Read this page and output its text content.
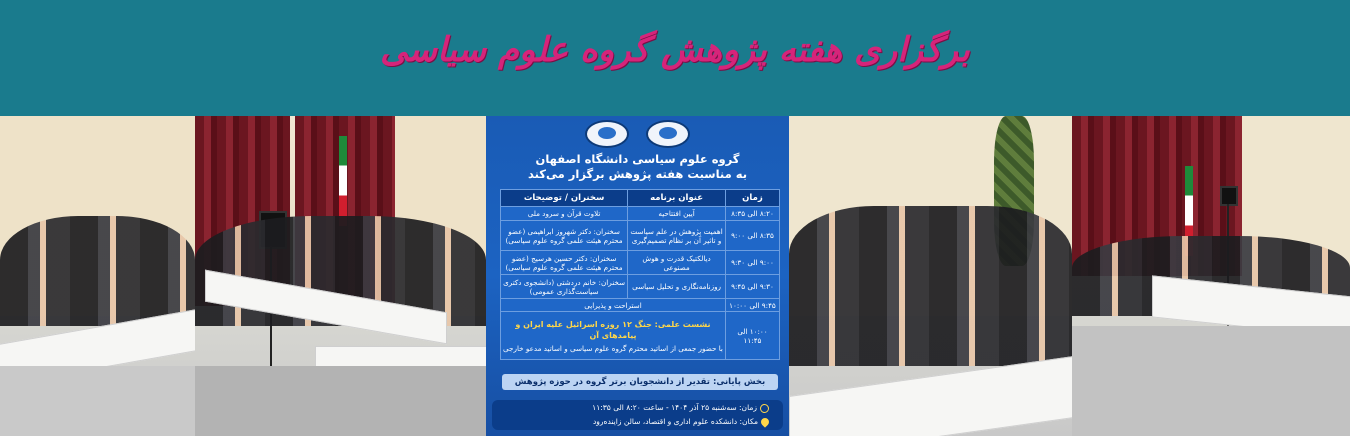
برگزاری هفته پژوهش گروه علوم سیاسی

گروه علوم سیاسی دانشگاه اصفهان
به مناسبت هفته پژوهش برگزار می‌کند
زمان	عنوان برنامه	سخنران / توضیحات
۸:۲۰ الی ۸:۳۵	آیین افتتاحیه	تلاوت قرآن و سرود ملی
۸:۳۵ الی ۹:۰۰	اهمیت پژوهش در علم سیاست و تاثیر آن بر نظام تصمیم‌گیری	سخنران: دکتر شهروز ابراهیمی (عضو محترم هیئت علمی گروه علوم سیاسی)
۹:۰۰ الی ۹:۳۰	دیالکتیک قدرت و هوش مصنوعی	سخنران: دکتر حسین هرسیج (عضو محترم هیئت علمی گروه علوم سیاسی)
۹:۳۰ الی ۹:۴۵	روزنامه‌نگاری و تحلیل سیاسی	سخنران: خانم دردشتی (دانشجوی دکتری سیاست‌گذاری عمومی)
۹:۴۵ الی ۱۰:۰۰	استراحت و پذیرایی	
۱۰:۰۰ الی ۱۱:۴۵	نشست علمی: جنگ ۱۲ روزه اسرائیل علیه ایران و پیامدهای آن
با حضور جمعی از اساتید محترم گروه علوم سیاسی و اساتید مدعو خارجی	
بخش پایانی: تقدیر از دانشجویان برتر گروه در حوزه پژوهش
زمان: سه‌شنبه ۲۵ آذر ۱۴۰۴ - ساعت ۸:۲۰ الی ۱۱:۳۵
مکان: دانشکده علوم اداری و اقتصاد، سالن زاینده‌رود
